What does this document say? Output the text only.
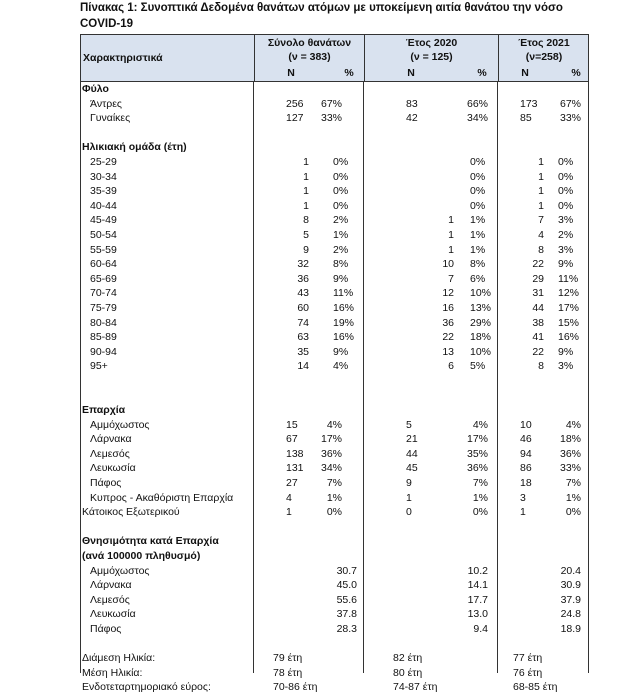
Πίνακας 1: Συνοπτικά Δεδομένα θανάτων ατόμων με υποκείμενη αιτία θανάτου την νόσο COVID-19
Χαρακτηριστικά
Σύνολο θανάτων
(ν = 383)
N	%
Έτος 2020
(ν = 125)
N	%
Έτος 2021
(ν=258)
N	%
Φύλο
Άντρες	256 67%	83	66%	173 67%
Γυναίκες	127 33%	42	34%	85	33%
Ηλικιακή ομάδα (έτη)
25-29	1 0%	0%	1 0%
30-34	1 0%	0%	1 0%
35-39	1 0%	0%	1 0%
40-44	1 0%	0%	1 0%
45-49	8 2%	1 1%	7 3%
50-54	5 1%	1 1%	4 2%
55-59	9 2%	1 1%	8 3%
60-64	32 8%	10 8%	22 9%
65-69	36 9%	7 6%	29 11%
70-74	43 11%	12 10%	31 12%
75-79	60 16%	16 13%	44 17%
80-84	74 19%	36 29%	38 15%
85-89	63 16%	22 18%	41 16%
90-94	35 9%	13 10%	22 9%
95+	14 4%	6 5%	8 3%
Επαρχία
Αμμόχωστος	15	4%	5	4%	10	4%
Λάρνακα	67 17%	21	17%	46	18%
Λεμεσός	138 36%	44	35%	94	36%
Λευκωσία	131 34%	45	36%	86	33%
Πάφος	27	7%	9	7%	18	7%
Κυπρος - Ακαθόριστη Επαρχία	4	1%	1	1%	3	1%
Κάτοικος Εξωτερικού	1	0%	0	0%	1	0%
Θνησιμότητα κατά Επαρχία
(ανά 100000 πληθυσμό)
Αμμόχωστος	30.7	10.2	20.4
Λάρνακα	45.0	14.1	30.9
Λεμεσός	55.6	17.7	37.9
Λευκωσία	37.8	13.0	24.8
Πάφος	28.3	9.4	18.9
Διάμεση Ηλικία:	79 έτη	82 έτη	77 έτη
Μέση Ηλικία:	78 έτη	80 έτη	76 έτη
Ενδοτεταρτημοριακό εύρος:	70-86 έτη	74-87 έτη	68-85 έτη
